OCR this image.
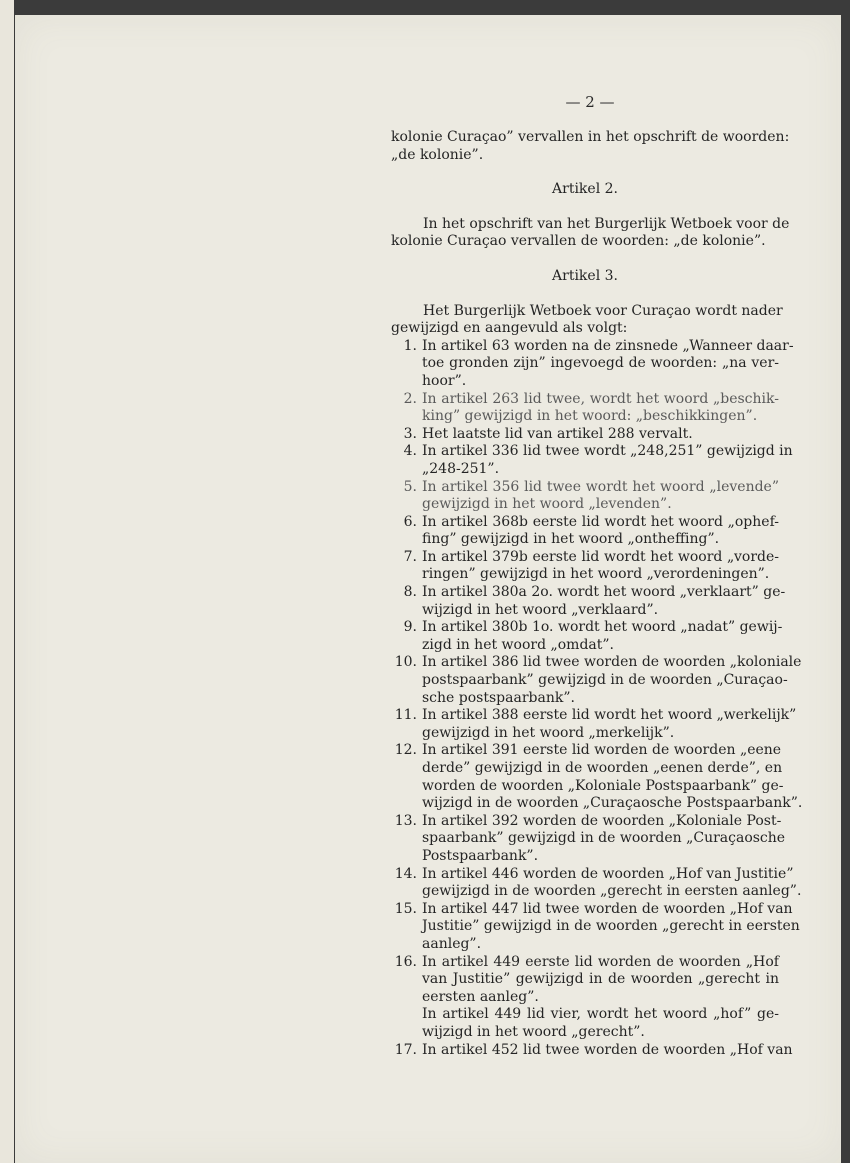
— 2 —
kolonie Curaçao” vervallen in het opschrift de woorden:
„de kolonie”.
Artikel 2.
In het opschrift van het Burgerlijk Wetboek voor de
kolonie Curaçao vervallen de woorden: „de kolonie”.
Artikel 3.
Het Burgerlijk Wetboek voor Curaçao wordt nader
gewijzigd en aangevuld als volgt:
1. In artikel 63 worden na de zinsnede „Wanneer daar-
toe gronden zijn” ingevoegd de woorden: „na ver-
hoor”.
2. In artikel 263 lid twee, wordt het woord „beschik-
king” gewijzigd in het woord: „beschikkingen”.
3. Het laatste lid van artikel 288 vervalt.
4. In artikel 336 lid twee wordt „248,251” gewijzigd in
„248-251”.
5. In artikel 356 lid twee wordt het woord „levende”
gewijzigd in het woord „levenden”.
6. In artikel 368b eerste lid wordt het woord „ophef-
fing” gewijzigd in het woord „ontheffing”.
7. In artikel 379b eerste lid wordt het woord „vorde-
ringen” gewijzigd in het woord „verordeningen”.
8. In artikel 380a 2o. wordt het woord „verklaart” ge-
wijzigd in het woord „verklaard”.
9. In artikel 380b 1o. wordt het woord „nadat” gewij-
zigd in het woord „omdat”.
10. In artikel 386 lid twee worden de woorden „koloniale
postspaarbank” gewijzigd in de woorden „Curaçao-
sche postspaarbank”.
11. In artikel 388 eerste lid wordt het woord „werkelijk”
gewijzigd in het woord „merkelijk”.
12. In artikel 391 eerste lid worden de woorden „eene
derde” gewijzigd in de woorden „eenen derde”, en
worden de woorden „Koloniale Postspaarbank” ge-
wijzigd in de woorden „Curaçaosche Postspaarbank”.
13. In artikel 392 worden de woorden „Koloniale Post-
spaarbank” gewijzigd in de woorden „Curaçaosche
Postspaarbank”.
14. In artikel 446 worden de woorden „Hof van Justitie”
gewijzigd in de woorden „gerecht in eersten aanleg”.
15. In artikel 447 lid twee worden de woorden „Hof van
Justitie” gewijzigd in de woorden „gerecht in eersten
aanleg”.
16. In artikel 449 eerste lid worden de woorden „Hof
van Justitie” gewijzigd in de woorden „gerecht in
eersten aanleg”.
In artikel 449 lid vier, wordt het woord „hof” ge-
wijzigd in het woord „gerecht”.
17. In artikel 452 lid twee worden de woorden „Hof van
